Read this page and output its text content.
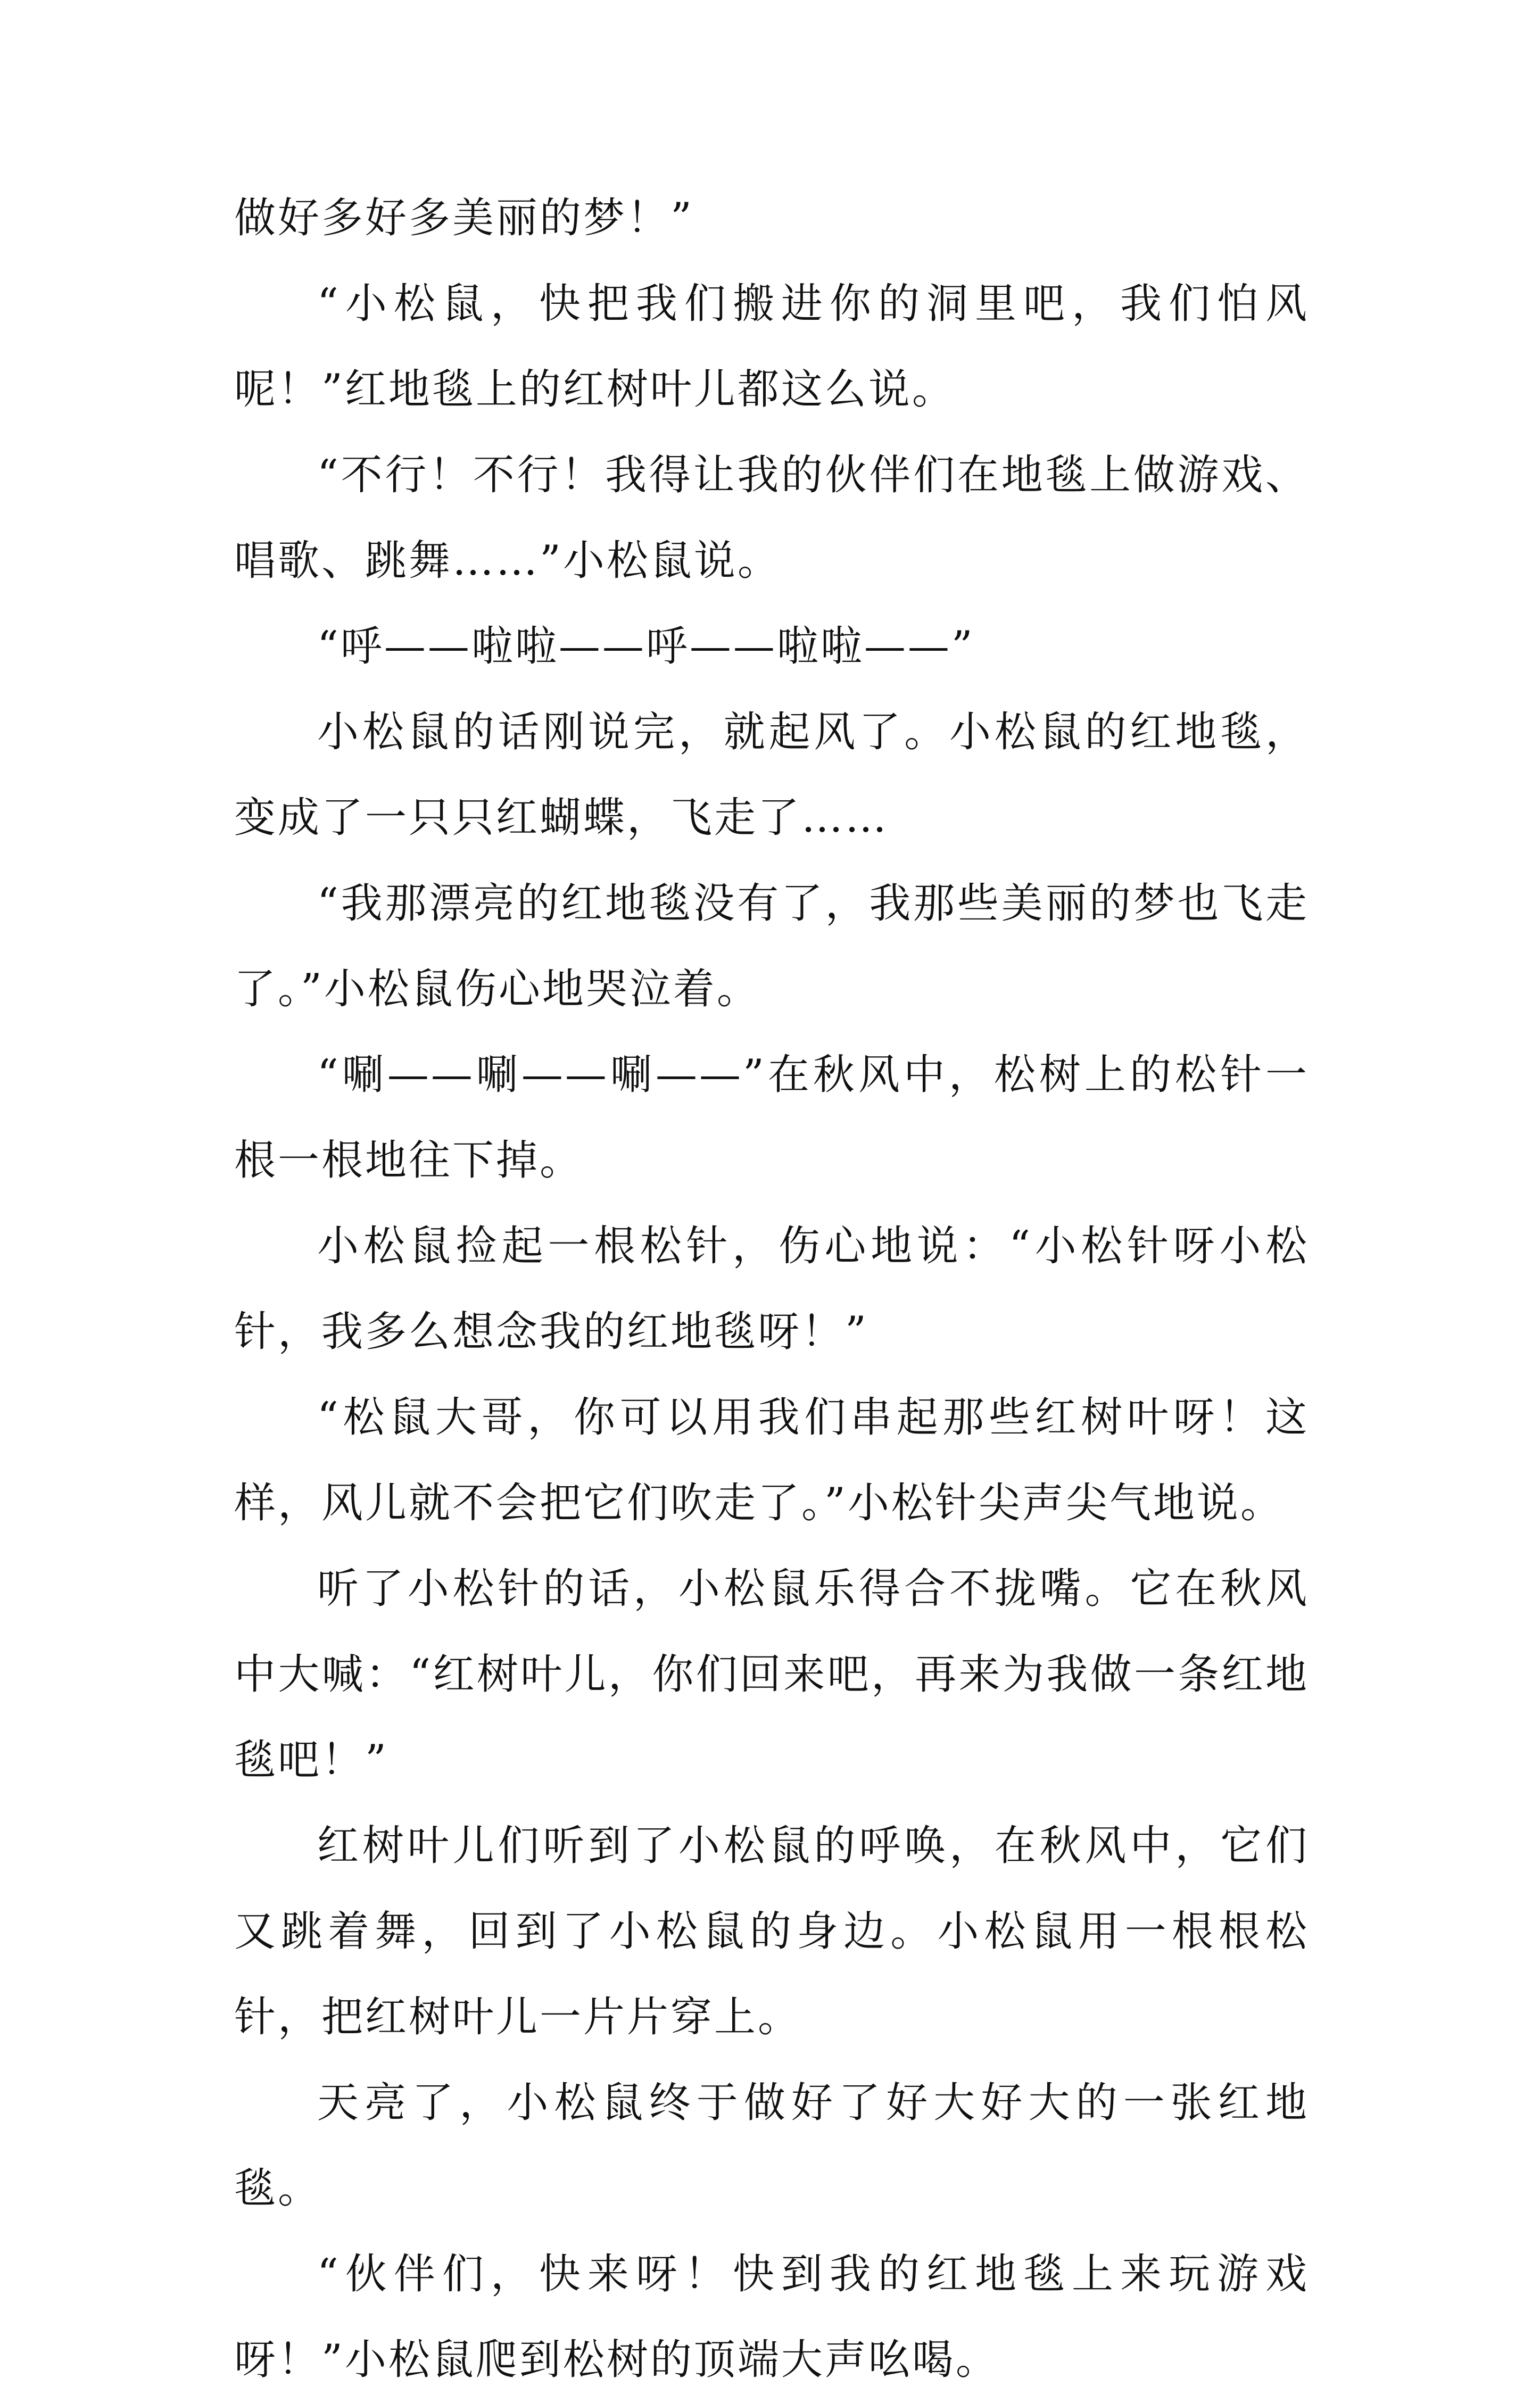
做好多好多美丽的梦！”

“小松鼠，快把我们搬进你的洞里吧，我们怕风呢！”红地毯上的红树叶儿都这么说。

“不行！不行！我得让我的伙伴们在地毯上做游戏、唱歌、跳舞……”小松鼠说。

“呼——啦啦——呼——啦啦——”

小松鼠的话刚说完，就起风了。小松鼠的红地毯，变成了一只只红蝴蝶，飞走了……

“我那漂亮的红地毯没有了，我那些美丽的梦也飞走了。”小松鼠伤心地哭泣着。

“唰——唰——唰——”在秋风中，松树上的松针一根一根地往下掉。

小松鼠捡起一根松针，伤心地说：“小松针呀小松针，我多么想念我的红地毯呀！”

“松鼠大哥，你可以用我们串起那些红树叶呀！这样，风儿就不会把它们吹走了。”小松针尖声尖气地说。

听了小松针的话，小松鼠乐得合不拢嘴。它在秋风中大喊：“红树叶儿，你们回来吧，再来为我做一条红地毯吧！”

红树叶儿们听到了小松鼠的呼唤，在秋风中，它们又跳着舞，回到了小松鼠的身边。小松鼠用一根根松针，把红树叶儿一片片穿上。

天亮了，小松鼠终于做好了好大好大的一张红地毯。

“伙伴们，快来呀！快到我的红地毯上来玩游戏呀！”小松鼠爬到松树的顶端大声吆喝。
